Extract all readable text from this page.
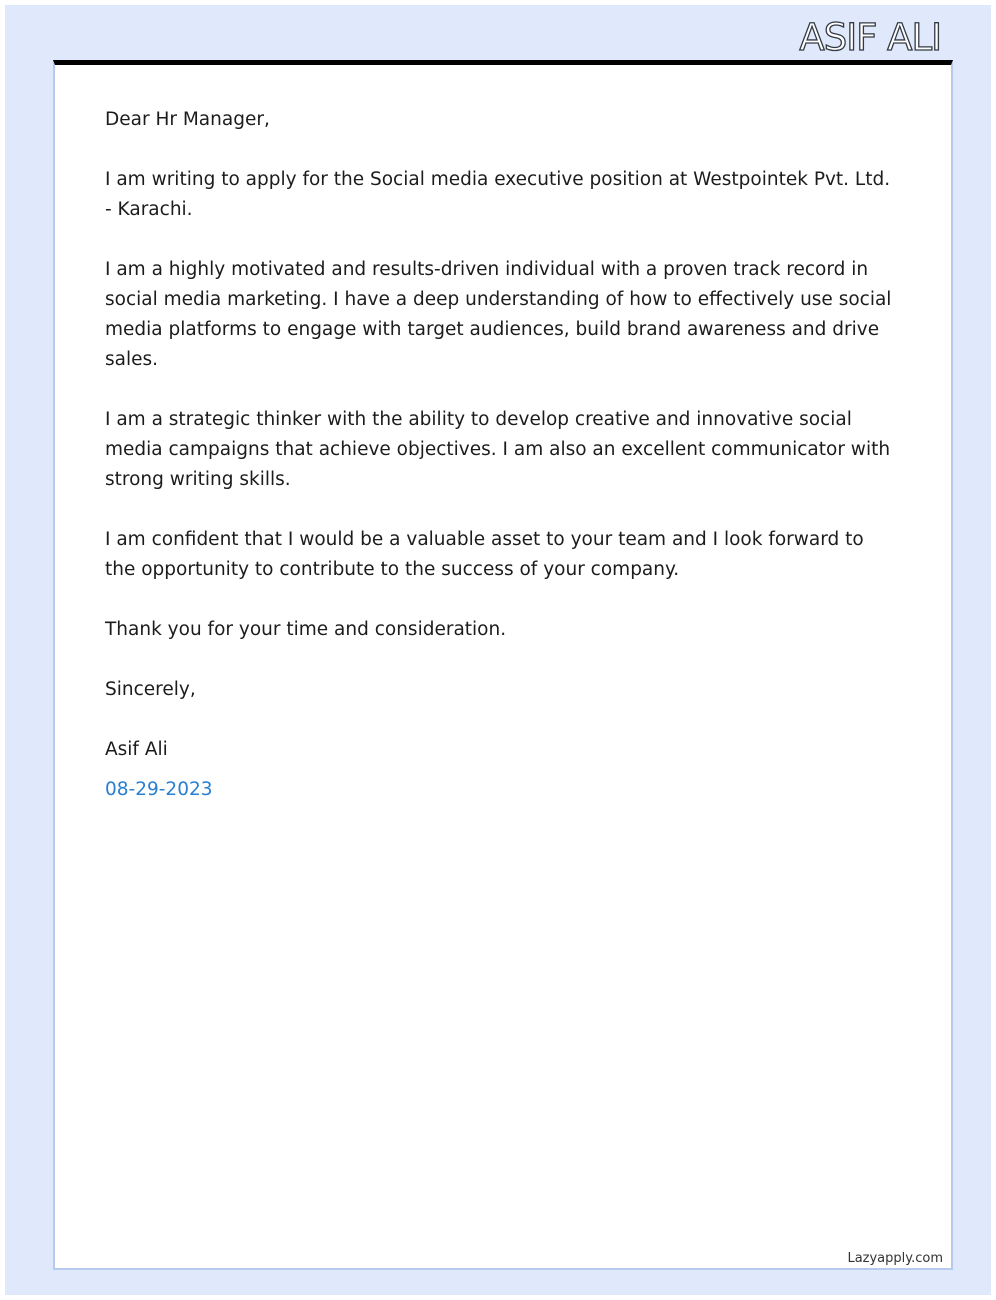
ASIF ALI

Dear Hr Manager,

I am writing to apply for the Social media executive position at Westpointek Pvt. Ltd. - Karachi.

I am a highly motivated and results-driven individual with a proven track record in social media marketing. I have a deep understanding of how to effectively use social media platforms to engage with target audiences, build brand awareness and drive sales.

I am a strategic thinker with the ability to develop creative and innovative social media campaigns that achieve objectives. I am also an excellent communicator with strong writing skills.

I am confident that I would be a valuable asset to your team and I look forward to the opportunity to contribute to the success of your company.

Thank you for your time and consideration.

Sincerely,

Asif Ali

08-29-2023

Lazyapply.com
